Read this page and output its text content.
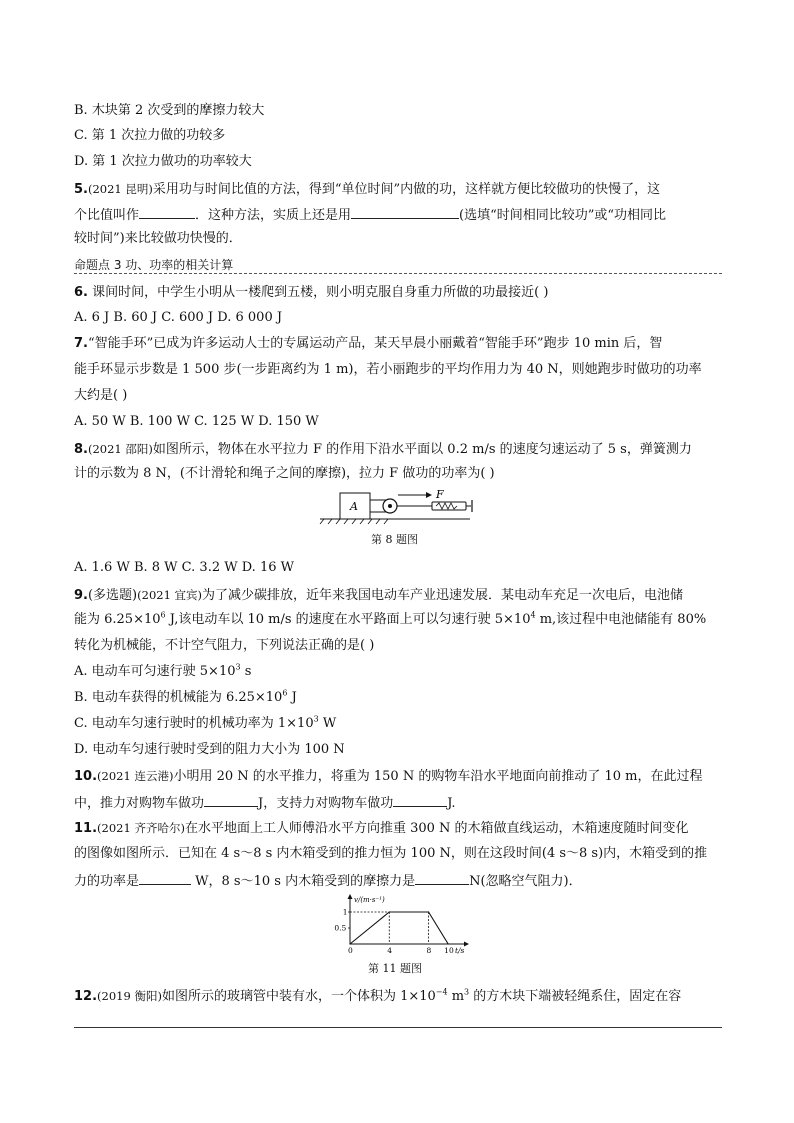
B. 木块第 2 次受到的摩擦力较大
C. 第 1 次拉力做的功较多
D. 第 1 次拉力做功的功率较大
5.(2021 昆明)采用功与时间比值的方法，得到“单位时间”内做的功，这样就方便比较做功的快慢了，这
个比值叫作	．这种方法，实质上还是用	(选填“时间相同比较功”或“功相同比
较时间”)来比较做功快慢的．
命题点 3 功、功率的相关计算
6. 课间时间，中学生小明从一楼爬到五楼，则小明克服自身重力所做的功最接近( )
A. 6 J B. 60 J C. 600 J D. 6 000 J
7.“智能手环”已成为许多运动人士的专属运动产品，某天早晨小丽戴着“智能手环”跑步 10 min 后，智
能手环显示步数是 1 500 步(一步距离约为 1 m)，若小丽跑步的平均作用力为 40 N，则她跑步时做功的功率
大约是( )
A. 50 W B. 100 W C. 125 W D. 150 W
8.(2021 邵阳)如图所示，物体在水平拉力 F 的作用下沿水平面以 0.2 m/s 的速度匀速运动了 5 s，弹簧测力
计的示数为 8 N，(不计滑轮和绳子之间的摩擦)，拉力 F 做功的功率为( )
A
F
第 8 题图
A. 1.6 W B. 8 W C. 3.2 W D. 16 W
9.(多选题)(2021 宜宾)为了减少碳排放，近年来我国电动车产业迅速发展．某电动车充足一次电后，电池储
能为 $6.25\times 10^6$ J,该电动车以 10 m/s 的速度在水平路面上可以匀速行驶 $5\times 10^4$ m,该过程中电池储能有 80%
转化为机械能，不计空气阻力，下列说法正确的是( )
A. 电动车可匀速行驶 $5\times 10^3$ s
B. 电动车获得的机械能为 $6.25\times 10^6$ J
C. 电动车匀速行驶时的机械功率为 $1\times 10^3$ W
D. 电动车匀速行驶时受到的阻力大小为 100 N
10.(2021 连云港)小明用 20 N 的水平推力，将重为 150 N 的购物车沿水平地面向前推动了 10 m，在此过程
中，推力对购物车做功	J，支持力对购物车做功	J.
11.(2021 齐齐哈尔)在水平地面上工人师傅沿水平方向推重 300 N 的木箱做直线运动，木箱速度随时间变化
的图像如图所示．已知在 4 s～8 s 内木箱受到的推力恒为 100 N，则在这段时间(4 s～8 s)内，木箱受到的推
力的功率是	W，8 s～10 s 内木箱受到的摩擦力是	N(忽略空气阻力)．
v/(m·s⁻¹)
t/s
0	4	8 10
0.5
1
第 11 题图
12.(2019 衡阳)如图所示的玻璃管中装有水，一个体积为 $1\times 10^{-4}$ $m^3$ 的方木块下端被轻绳系住，固定在容
